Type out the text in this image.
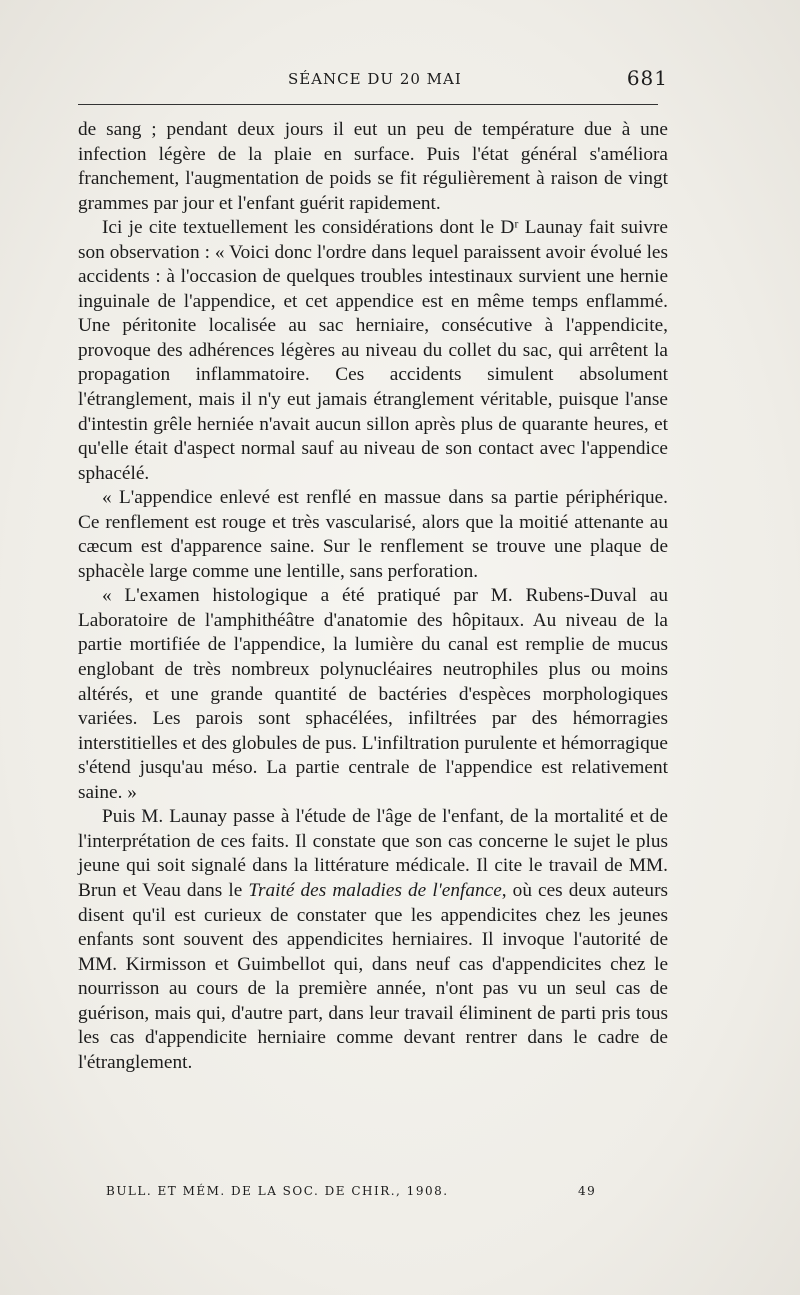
SÉANCE DU 20 MAI	681

de sang ; pendant deux jours il eut un peu de température due à une infection légère de la plaie en surface. Puis l'état général s'améliora franchement, l'augmentation de poids se fit régulièrement à raison de vingt grammes par jour et l'enfant guérit rapidement.

Ici je cite textuellement les considérations dont le Dʳ Launay fait suivre son observation : « Voici donc l'ordre dans lequel paraissent avoir évolué les accidents : à l'occasion de quelques troubles intestinaux survient une hernie inguinale de l'appendice, et cet appendice est en même temps enflammé. Une péritonite localisée au sac herniaire, consécutive à l'appendicite, provoque des adhérences légères au niveau du collet du sac, qui arrêtent la propagation inflammatoire. Ces accidents simulent absolument l'étranglement, mais il n'y eut jamais étranglement véritable, puisque l'anse d'intestin grêle herniée n'avait aucun sillon après plus de quarante heures, et qu'elle était d'aspect normal sauf au niveau de son contact avec l'appendice sphacélé.

« L'appendice enlevé est renflé en massue dans sa partie périphérique. Ce renflement est rouge et très vascularisé, alors que la moitié attenante au cæcum est d'apparence saine. Sur le renflement se trouve une plaque de sphacèle large comme une lentille, sans perforation.

« L'examen histologique a été pratiqué par M. Rubens-Duval au Laboratoire de l'amphithéâtre d'anatomie des hôpitaux. Au niveau de la partie mortifiée de l'appendice, la lumière du canal est remplie de mucus englobant de très nombreux polynucléaires neutrophiles plus ou moins altérés, et une grande quantité de bactéries d'espèces morphologiques variées. Les parois sont sphacélées, infiltrées par des hémorragies interstitielles et des globules de pus. L'infiltration purulente et hémorragique s'étend jusqu'au méso. La partie centrale de l'appendice est relativement saine. »

Puis M. Launay passe à l'étude de l'âge de l'enfant, de la mortalité et de l'interprétation de ces faits. Il constate que son cas concerne le sujet le plus jeune qui soit signalé dans la littérature médicale. Il cite le travail de MM. Brun et Veau dans le Traité des maladies de l'enfance, où ces deux auteurs disent qu'il est curieux de constater que les appendicites chez les jeunes enfants sont souvent des appendicites herniaires. Il invoque l'autorité de MM. Kirmisson et Guimbellot qui, dans neuf cas d'appendicites chez le nourrisson au cours de la première année, n'ont pas vu un seul cas de guérison, mais qui, d'autre part, dans leur travail éliminent de parti pris tous les cas d'appendicite herniaire comme devant rentrer dans le cadre de l'étranglement.

BULL. ET MÉM. DE LA SOC. DE CHIR., 1908.	49
